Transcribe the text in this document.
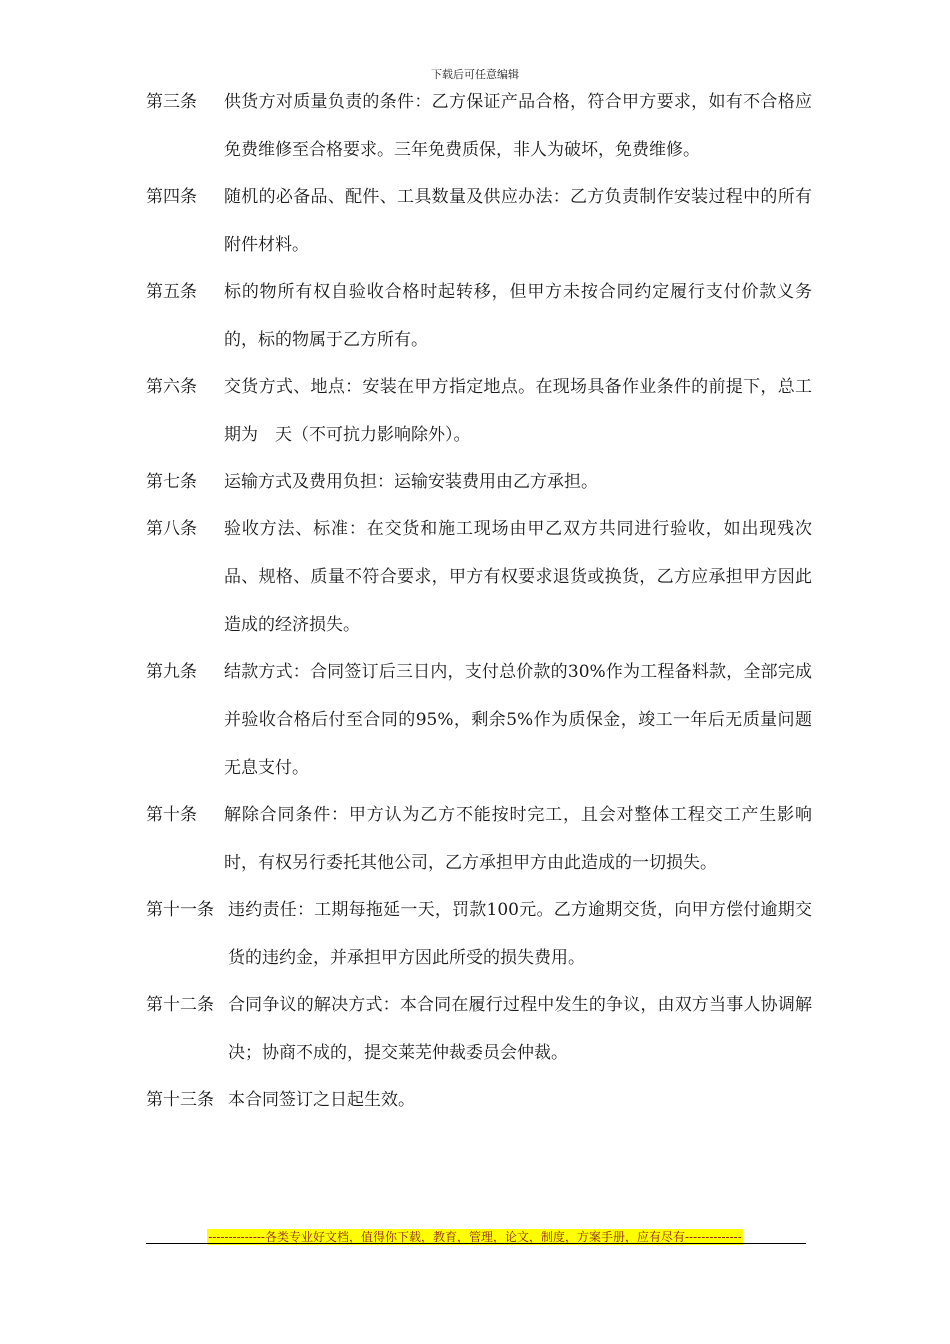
下载后可任意编辑
第三条	供货方对质量负责的条件：乙方保证产品合格，符合甲方要求，如有不合格应免费维修至合格要求。三年免费质保，非人为破坏，免费维修。
第四条	随机的必备品、配件、工具数量及供应办法：乙方负责制作安装过程中的所有附件材料。
第五条	标的物所有权自验收合格时起转移，但甲方未按合同约定履行支付价款义务的，标的物属于乙方所有。
第六条	交货方式、地点：安装在甲方指定地点。在现场具备作业条件的前提下，总工期为　天（不可抗力影响除外）。
第七条	运输方式及费用负担：运输安装费用由乙方承担。
第八条	验收方法、标准：在交货和施工现场由甲乙双方共同进行验收，如出现残次品、规格、质量不符合要求，甲方有权要求退货或换货，乙方应承担甲方因此造成的经济损失。
第九条	结款方式：合同签订后三日内，支付总价款的30%作为工程备料款，全部完成并验收合格后付至合同的95%，剩余5%作为质保金，竣工一年后无质量问题无息支付。
第十条	解除合同条件：甲方认为乙方不能按时完工，且会对整体工程交工产生影响时，有权另行委托其他公司，乙方承担甲方由此造成的一切损失。
第十一条 违约责任：工期每拖延一天，罚款100元。乙方逾期交货，向甲方偿付逾期交货的违约金，并承担甲方因此所受的损失费用。
第十二条 合同争议的解决方式：本合同在履行过程中发生的争议，由双方当事人协调解决；协商不成的，提交莱芜仲裁委员会仲裁。
第十三条 本合同签订之日起生效。
--------------各类专业好文档，值得你下载，教育，管理，论文，制度，方案手册，应有尽有--------------
